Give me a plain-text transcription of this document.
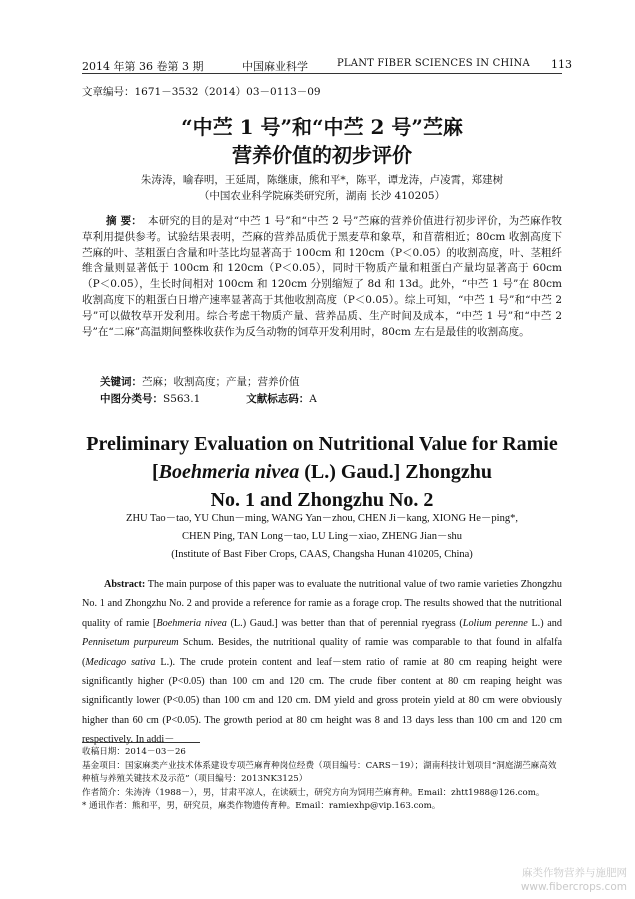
2014 年第 36 卷第 3 期	中国麻业科学	PLANT FIBER SCIENCES IN CHINA	113
文章编号：1671－3532（2014）03－0113－09
“中苎 1 号”和“中苎 2 号”苎麻
营养价值的初步评价
朱涛涛，喻春明，王延周，陈继康，熊和平*，陈平，谭龙涛，卢凌霄，郑建树
（中国农业科学院麻类研究所，湖南 长沙 410205）
摘 要： 本研究的目的是对“中苎 1 号”和“中苎 2 号”苎麻的营养价值进行初步评价，为苎麻作牧草利用提供参考。试验结果表明，苎麻的营养品质优于黑麦草和象草，和苜蓿相近；80cm 收割高度下苎麻的叶、茎粗蛋白含量和叶茎比均显著高于 100cm 和 120cm（P＜0.05）的收割高度，叶、茎粗纤维含量则显著低于 100cm 和 120cm（P＜0.05），同时干物质产量和粗蛋白产量均显著高于 60cm（P＜0.05），生长时间相对 100cm 和 120cm 分别缩短了 8d 和 13d。此外，“中苎 1 号”在 80cm 收割高度下的粗蛋白日增产速率显著高于其他收割高度（P＜0.05）。综上可知，“中苎 1 号”和“中苎 2 号”可以做牧草开发利用。综合考虑干物质产量、营养品质、生产时间及成本，“中苎 1 号”和“中苎 2 号”在“二麻”高温期间整株收获作为反刍动物的饲草开发利用时，80cm 左右是最佳的收割高度。
关键词：苎麻；收割高度；产量；营养价值
中图分类号：S563.1	文献标志码：A
Preliminary Evaluation on Nutritional Value for Ramie
[Boehmeria nivea (L.) Gaud.] Zhongzhu
No. 1 and Zhongzhu No. 2
ZHU Tao－tao, YU Chun－ming, WANG Yan－zhou, CHEN Ji－kang, XIONG He－ping*,
CHEN Ping, TAN Long－tao, LU Ling－xiao, ZHENG Jian－shu
(Institute of Bast Fiber Crops, CAAS, Changsha Hunan 410205, China)
Abstract: The main purpose of this paper was to evaluate the nutritional value of two ramie varieties Zhongzhu No. 1 and Zhongzhu No. 2 and provide a reference for ramie as a forage crop. The results showed that the nutritional quality of ramie [Boehmeria nivea (L.) Gaud.] was better than that of perennial ryegrass (Lolium perenne L.) and Pennisetum purpureum Schum. Besides, the nutritional quality of ramie was comparable to that found in alfalfa (Medicago sativa L.). The crude protein content and leaf－stem ratio of ramie at 80 cm reaping height were significantly higher (P<0.05) than 100 cm and 120 cm. The crude fiber content at 80 cm reaping height was significantly lower (P<0.05) than 100 cm and 120 cm. DM yield and gross protein yield at 80 cm were obviously higher than 60 cm (P<0.05). The growth period at 80 cm height was 8 and 13 days less than 100 cm and 120 cm respectively. In addi－
收稿日期：2014－03－26
基金项目：国家麻类产业技术体系建设专项苎麻育种岗位经费（项目编号：CARS－19）；湖南科技计划项目“洞庭湖苎麻高效种植与养殖关键技术及示范”（项目编号：2013NK3125）
作者简介：朱涛涛（1988－），男，甘肃平凉人，在读硕士，研究方向为饲用苎麻育种。Email：zhtt1988@126.com。
* 通讯作者：熊和平，男，研究员，麻类作物遗传育种。Email：ramiexhp@vip.163.com。
麻类作物营养与施肥网
www.fibercrops.com
